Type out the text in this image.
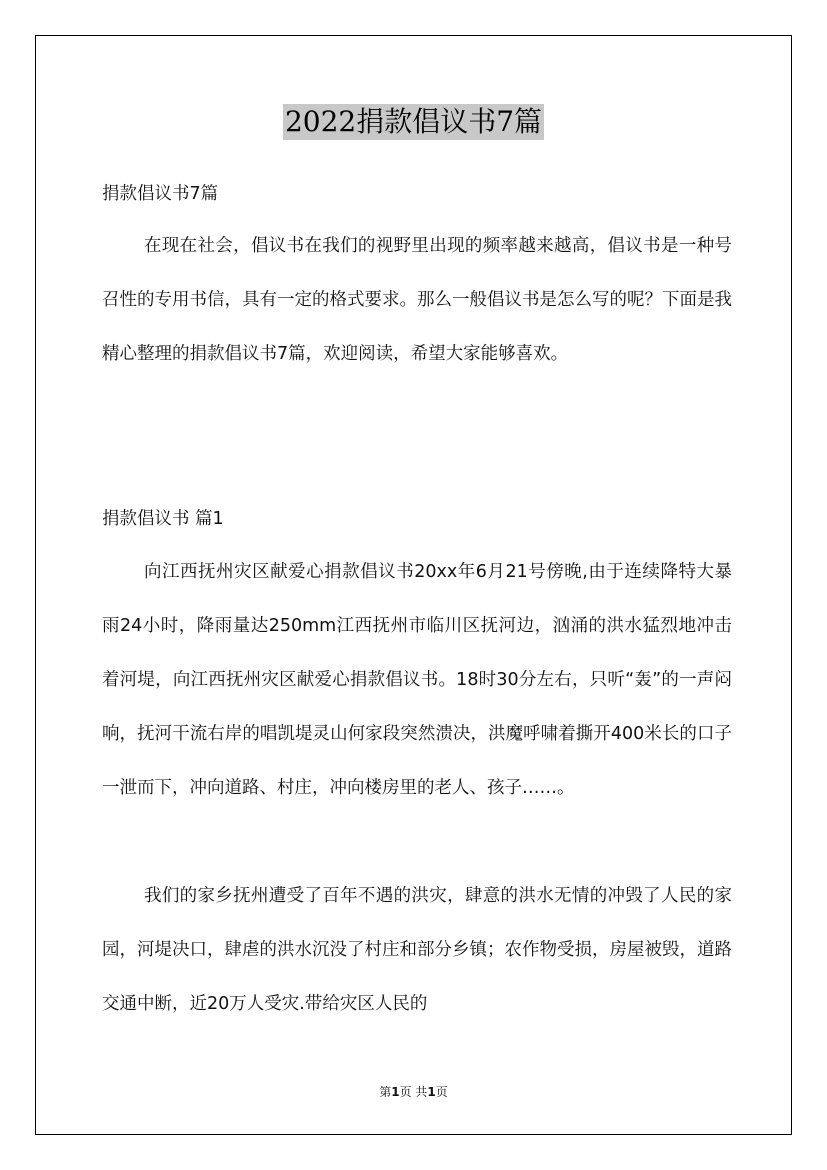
2022捐款倡议书7篇
捐款倡议书7篇

在现在社会，倡议书在我们的视野里出现的频率越来越高，倡议书是一种号召性的专用书信，具有一定的格式要求。那么一般倡议书是怎么写的呢？下面是我精心整理的捐款倡议书7篇，欢迎阅读，希望大家能够喜欢。

捐款倡议书 篇1

向江西抚州灾区献爱心捐款倡议书20xx年6月21号傍晚,由于连续降特大暴雨24小时，降雨量达250mm江西抚州市临川区抚河边，汹涌的洪水猛烈地冲击着河堤，向江西抚州灾区献爱心捐款倡议书。18时30分左右，只听“轰”的一声闷响，抚河干流右岸的唱凯堤灵山何家段突然溃决，洪魔呼啸着撕开400米长的口子一泄而下，冲向道路、村庄，冲向楼房里的老人、孩子……。

我们的家乡抚州遭受了百年不遇的洪灾，肆意的洪水无情的冲毁了人民的家园，河堤决口，肆虐的洪水沉没了村庄和部分乡镇；农作物受损，房屋被毁，道路交通中断，近20万人受灾.带给灾区人民的

第1页 共1页
